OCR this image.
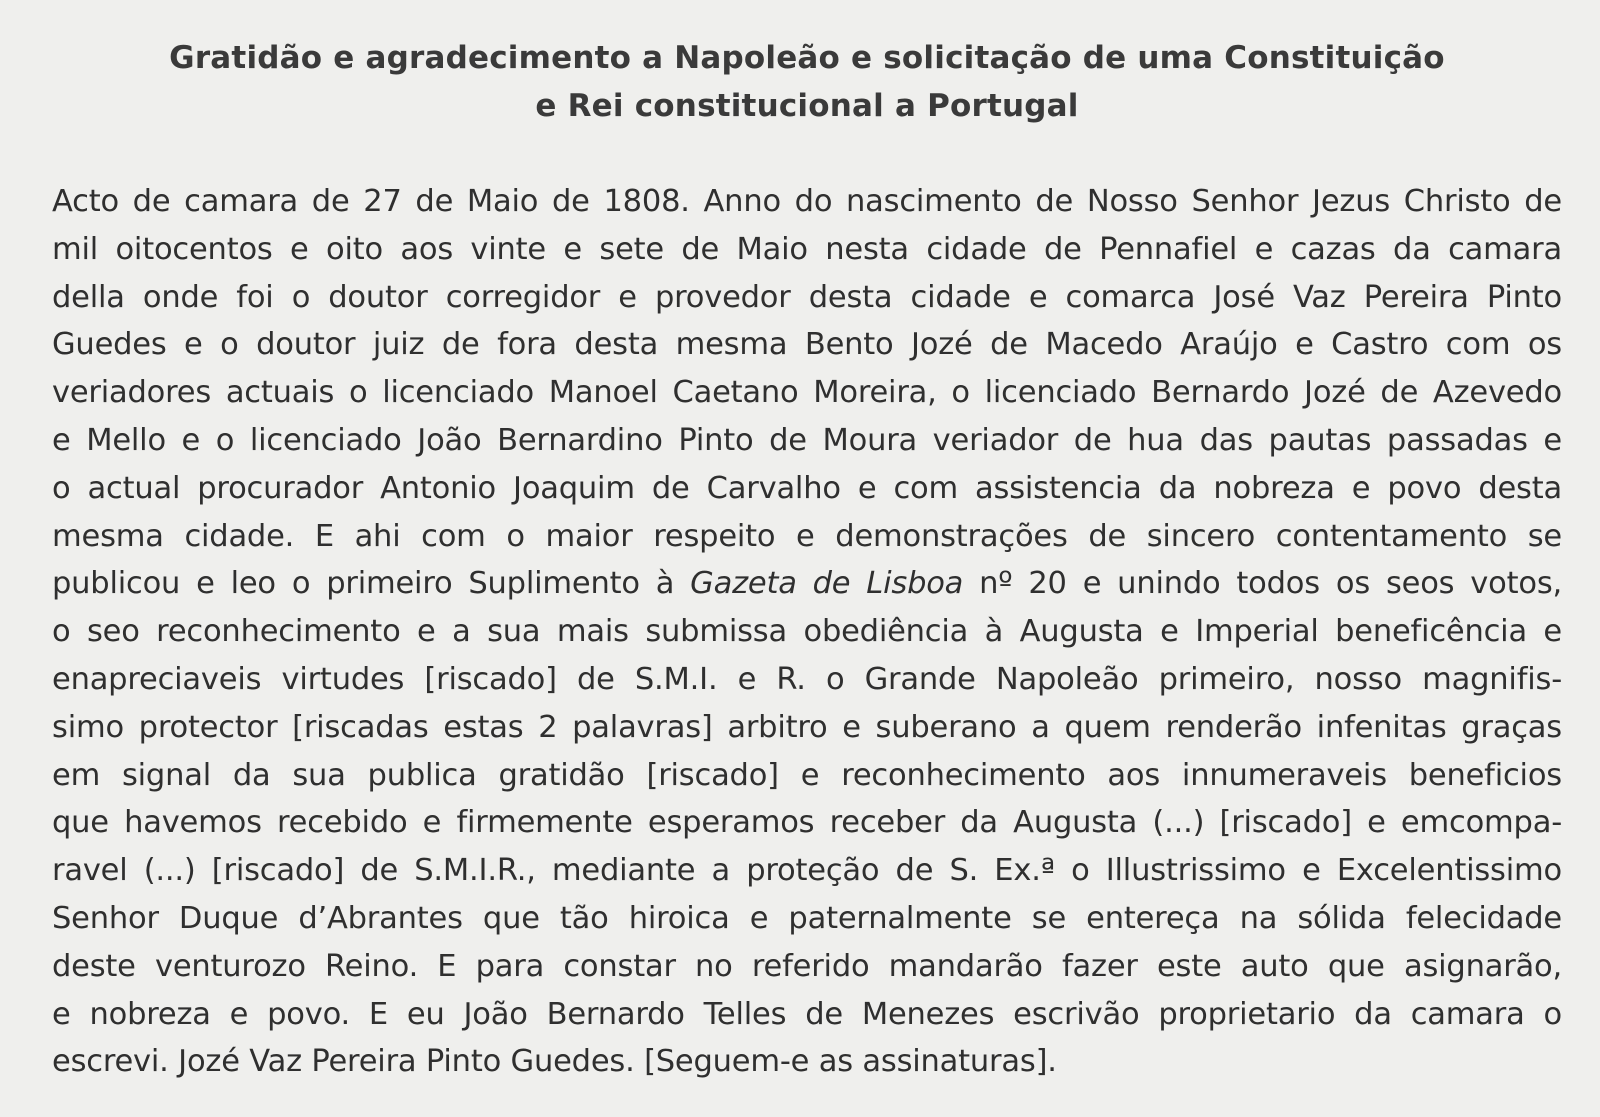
Gratidão e agradecimento a Napoleão e solicitação de uma Constituição
e Rei constitucional a Portugal
Acto de camara de 27 de Maio de 1808. Anno do nascimento de Nosso Senhor Jezus Christo de
mil oitocentos e oito aos vinte e sete de Maio nesta cidade de Pennafiel e cazas da camara
della onde foi o doutor corregidor e provedor desta cidade e comarca José Vaz Pereira Pinto
Guedes e o doutor juiz de fora desta mesma Bento Jozé de Macedo Araújo e Castro com os
veriadores actuais o licenciado Manoel Caetano Moreira, o licenciado Bernardo Jozé de Azevedo
e Mello e o licenciado João Bernardino Pinto de Moura veriador de hua das pautas passadas e
o actual procurador Antonio Joaquim de Carvalho e com assistencia da nobreza e povo desta
mesma cidade. E ahi com o maior respeito e demonstrações de sincero contentamento se
publicou e leo o primeiro Suplimento à Gazeta de Lisboa nº 20 e unindo todos os seos votos,
o seo reconhecimento e a sua mais submissa obediência à Augusta e Imperial beneficência e
enapreciaveis virtudes [riscado] de S.M.I. e R. o Grande Napoleão primeiro, nosso magnifis-
simo protector [riscadas estas 2 palavras] arbitro e suberano a quem renderão infenitas graças
em signal da sua publica gratidão [riscado] e reconhecimento aos innumeraveis beneficios
que havemos recebido e firmemente esperamos receber da Augusta (...) [riscado] e emcompa-
ravel (...) [riscado] de S.M.I.R., mediante a proteção de S. Ex.ª o Illustrissimo e Excelentissimo
Senhor Duque d’Abrantes que tão hiroica e paternalmente se entereça na sólida felecidade
deste venturozo Reino. E para constar no referido mandarão fazer este auto que asignarão,
e nobreza e povo. E eu João Bernardo Telles de Menezes escrivão proprietario da camara o
escrevi. Jozé Vaz Pereira Pinto Guedes. [Seguem-e as assinaturas].
